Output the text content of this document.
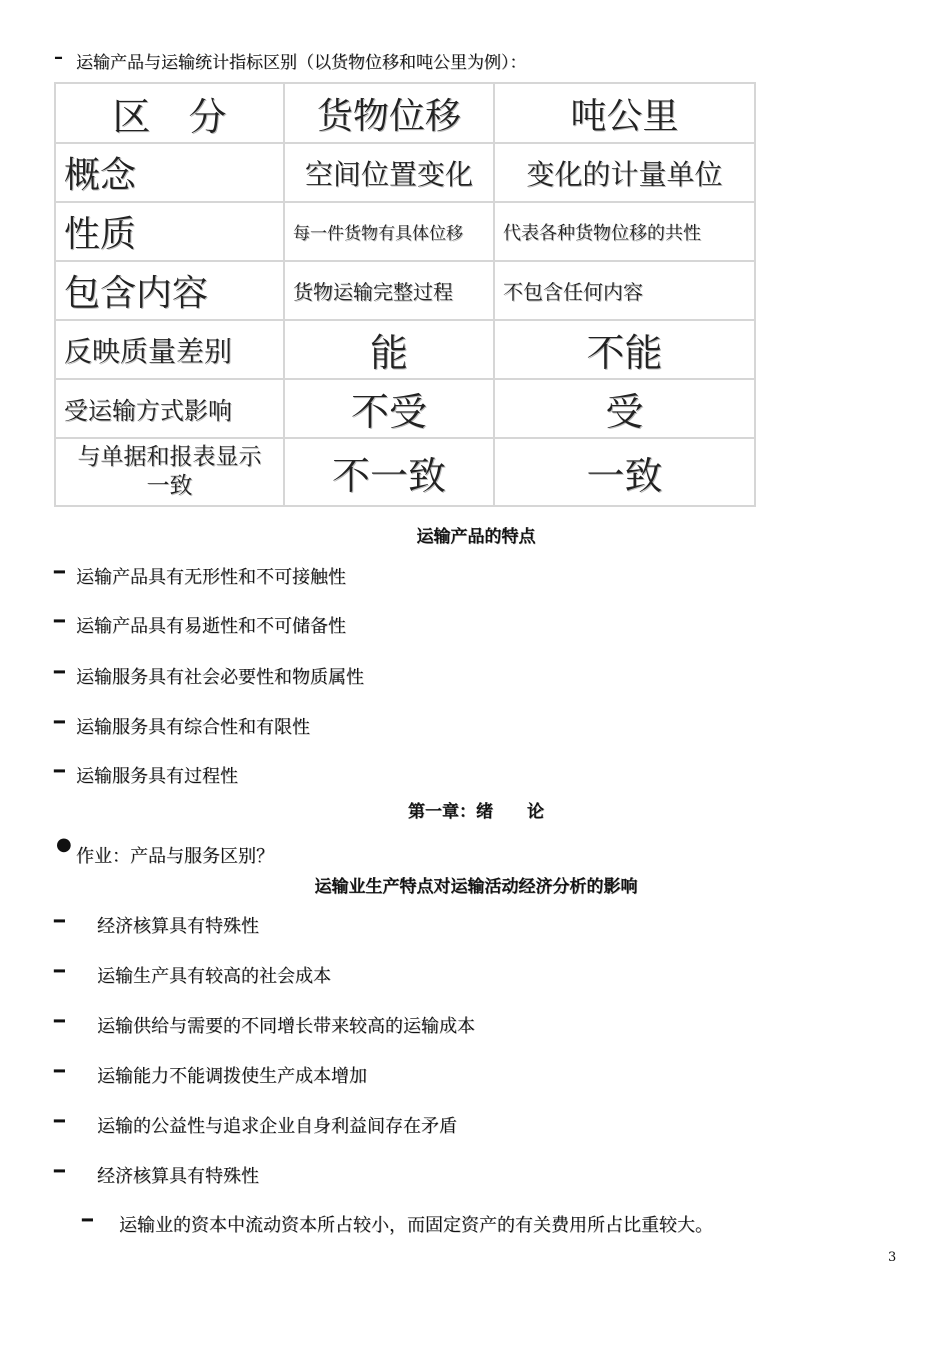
– 运输产品与运输统计指标区别（以货物位移和吨公里为例）：
区　分	货物位移	吨公里
概念	空间位置变化	变化的计量单位
性质	每一件货物有具体位移	代表各种货物位移的共性
包含内容	货物运输完整过程	不包含任何内容
反映质量差别	能	不能
受运输方式影响	不受	受
与单据和报表显示一致	不一致	一致
运输产品的特点
━ 运输产品具有无形性和不可接触性
━ 运输产品具有易逝性和不可储备性
━ 运输服务具有社会必要性和物质属性
━ 运输服务具有综合性和有限性
━ 运输服务具有过程性
第一章：绪　　论
●
作业：产品与服务区别？
运输业生产特点对运输活动经济分析的影响
━ 经济核算具有特殊性
━ 运输生产具有较高的社会成本
━ 运输供给与需要的不同增长带来较高的运输成本
━ 运输能力不能调拨使生产成本增加
━ 运输的公益性与追求企业自身利益间存在矛盾
━ 经济核算具有特殊性
━ 运输业的资本中流动资本所占较小，而固定资产的有关费用所占比重较大。
3
